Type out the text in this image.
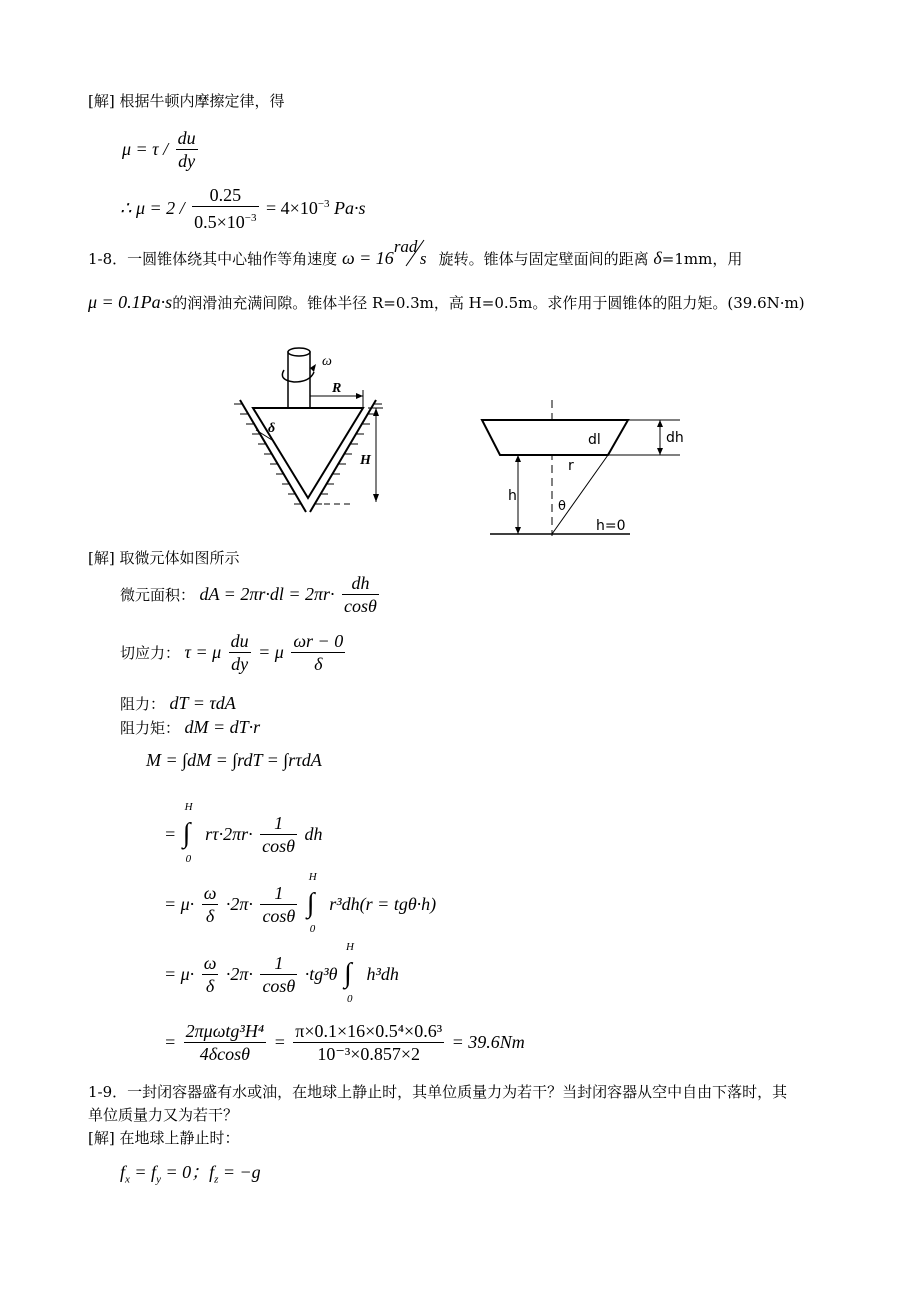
[解] 根据牛顿内摩擦定律，得
$\mu = \tau / \frac{du}{dy}$
∴ $\mu = 2 / \frac{0.25}{0.5\times 10^{-3}} = 4\times 10^{-3}$ Pa·s
1-8．一圆锥体绕其中心轴作等角速度 ω = 16
rad
s 旋转。锥体与固定壁面间的距离 δ=1mm，用
μ = 0.1Pa·s的润滑油充满间隙。锥体半径 R=0.3m，高 H=0.5m。求作用于圆锥体的阻力矩。(39.6N·m)
ω
R
H
δ
dl	dh
r
h
θ
h=0
[解] 取微元体如图所示
微元面积： dA = $2\pi r\cdot dl = 2\pi r\cdot \frac{dh}{\cos\theta}$
切应力： τ = μ $\frac{du}{dy} = \mu \frac{\omega r - 0}{\delta}$
阻力： dT = τdA
阻力矩： dM = dT·r
M = ∫dM = ∫rdT = ∫rτdA
= ∫
H
0
$r\tau\cdot 2\pi r\cdot \frac{1}{\cos\theta}$ dh
= $\mu\cdot \frac{\omega}{\delta} \cdot 2\pi\cdot \frac{1}{\cos\theta}$
∫
H
0
r³dh(r = tgθ·h)
= $\mu\cdot \frac{\omega}{\delta} \cdot 2\pi\cdot \frac{1}{\cos\theta} \cdot tg^3\theta$ ∫
H
0
h³dh
= $\frac{\text{2πμωtg³H⁴}}{4\delta\cos\theta} = \frac{\text{π×0.1×16×0.5⁴×0.6³}}{\text{10⁻³×0.857×2}} = 39.6Nm$
1-9．一封闭容器盛有水或油，在地球上静止时，其单位质量力为若干？当封闭容器从空中自由下落时，其
单位质量力又为若干？
[解] 在地球上静止时：
$f_x = f_y = 0$；$f_z = -g$
